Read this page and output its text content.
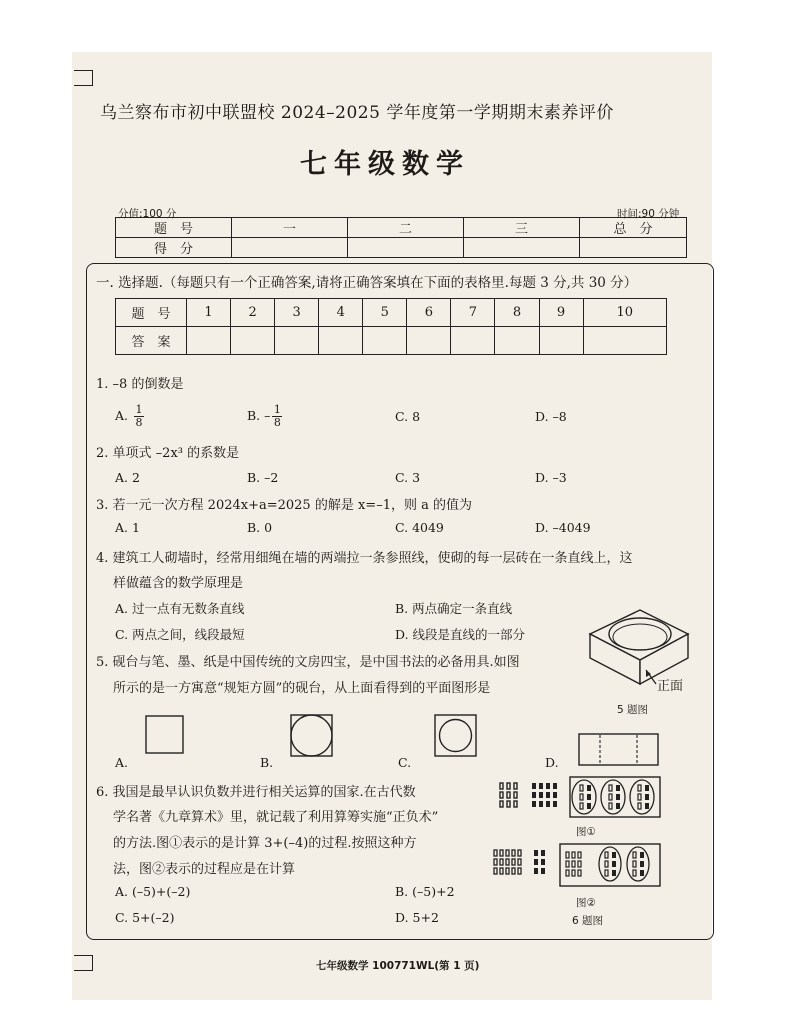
乌兰察布市初中联盟校 2024–2025 学年度第一学期期末素养评价
七年级数学
分值:100 分	时间:90 分钟
题　号	一	二	三	总　分
得　分				
一. 选择题.（每题只有一个正确答案,请将正确答案填在下面的表格里.每题 3 分,共 30 分）
题　号	1	2	3	4	5	6	7	8	9	10
答　案										
1. –8 的倒数是
A. $\frac{1}{8}$	B. – $\frac{1}{8}$	C. 8	D. –8
2. 单项式 –2x³ 的系数是
A. 2	B. –2	C. 3	D. –3
3. 若一元一次方程 2024x+a=2025 的解是 x=–1，则 a 的值为
A. 1	B. 0	C. 4049	D. –4049
4. 建筑工人砌墙时，经常用细绳在墙的两端拉一条参照线，使砌的每一层砖在一条直线上，这
样做蕴含的数学原理是
A. 过一点有无数条直线	B. 两点确定一条直线
C. 两点之间，线段最短	D. 线段是直线的一部分
5. 砚台与笔、墨、纸是中国传统的文房四宝，是中国书法的必备用具.如图
所示的是一方寓意“规矩方圆”的砚台，从上面看得到的平面图形是	正面
5 题图
A.	B.	C.	D.
6. 我国是最早认识负数并进行相关运算的国家.在古代数
学名著《九章算术》里，就记载了利用算筹实施“正负术”
的方法.图①表示的是计算 3+(–4)的过程.按照这种方
法，图②表示的过程应是在计算
A. (–5)+(–2)	B. (–5)+2
C. 5+(–2)	D. 5+2
图①
图②
6 题图
七年级数学 100771WL(第 1 页)
